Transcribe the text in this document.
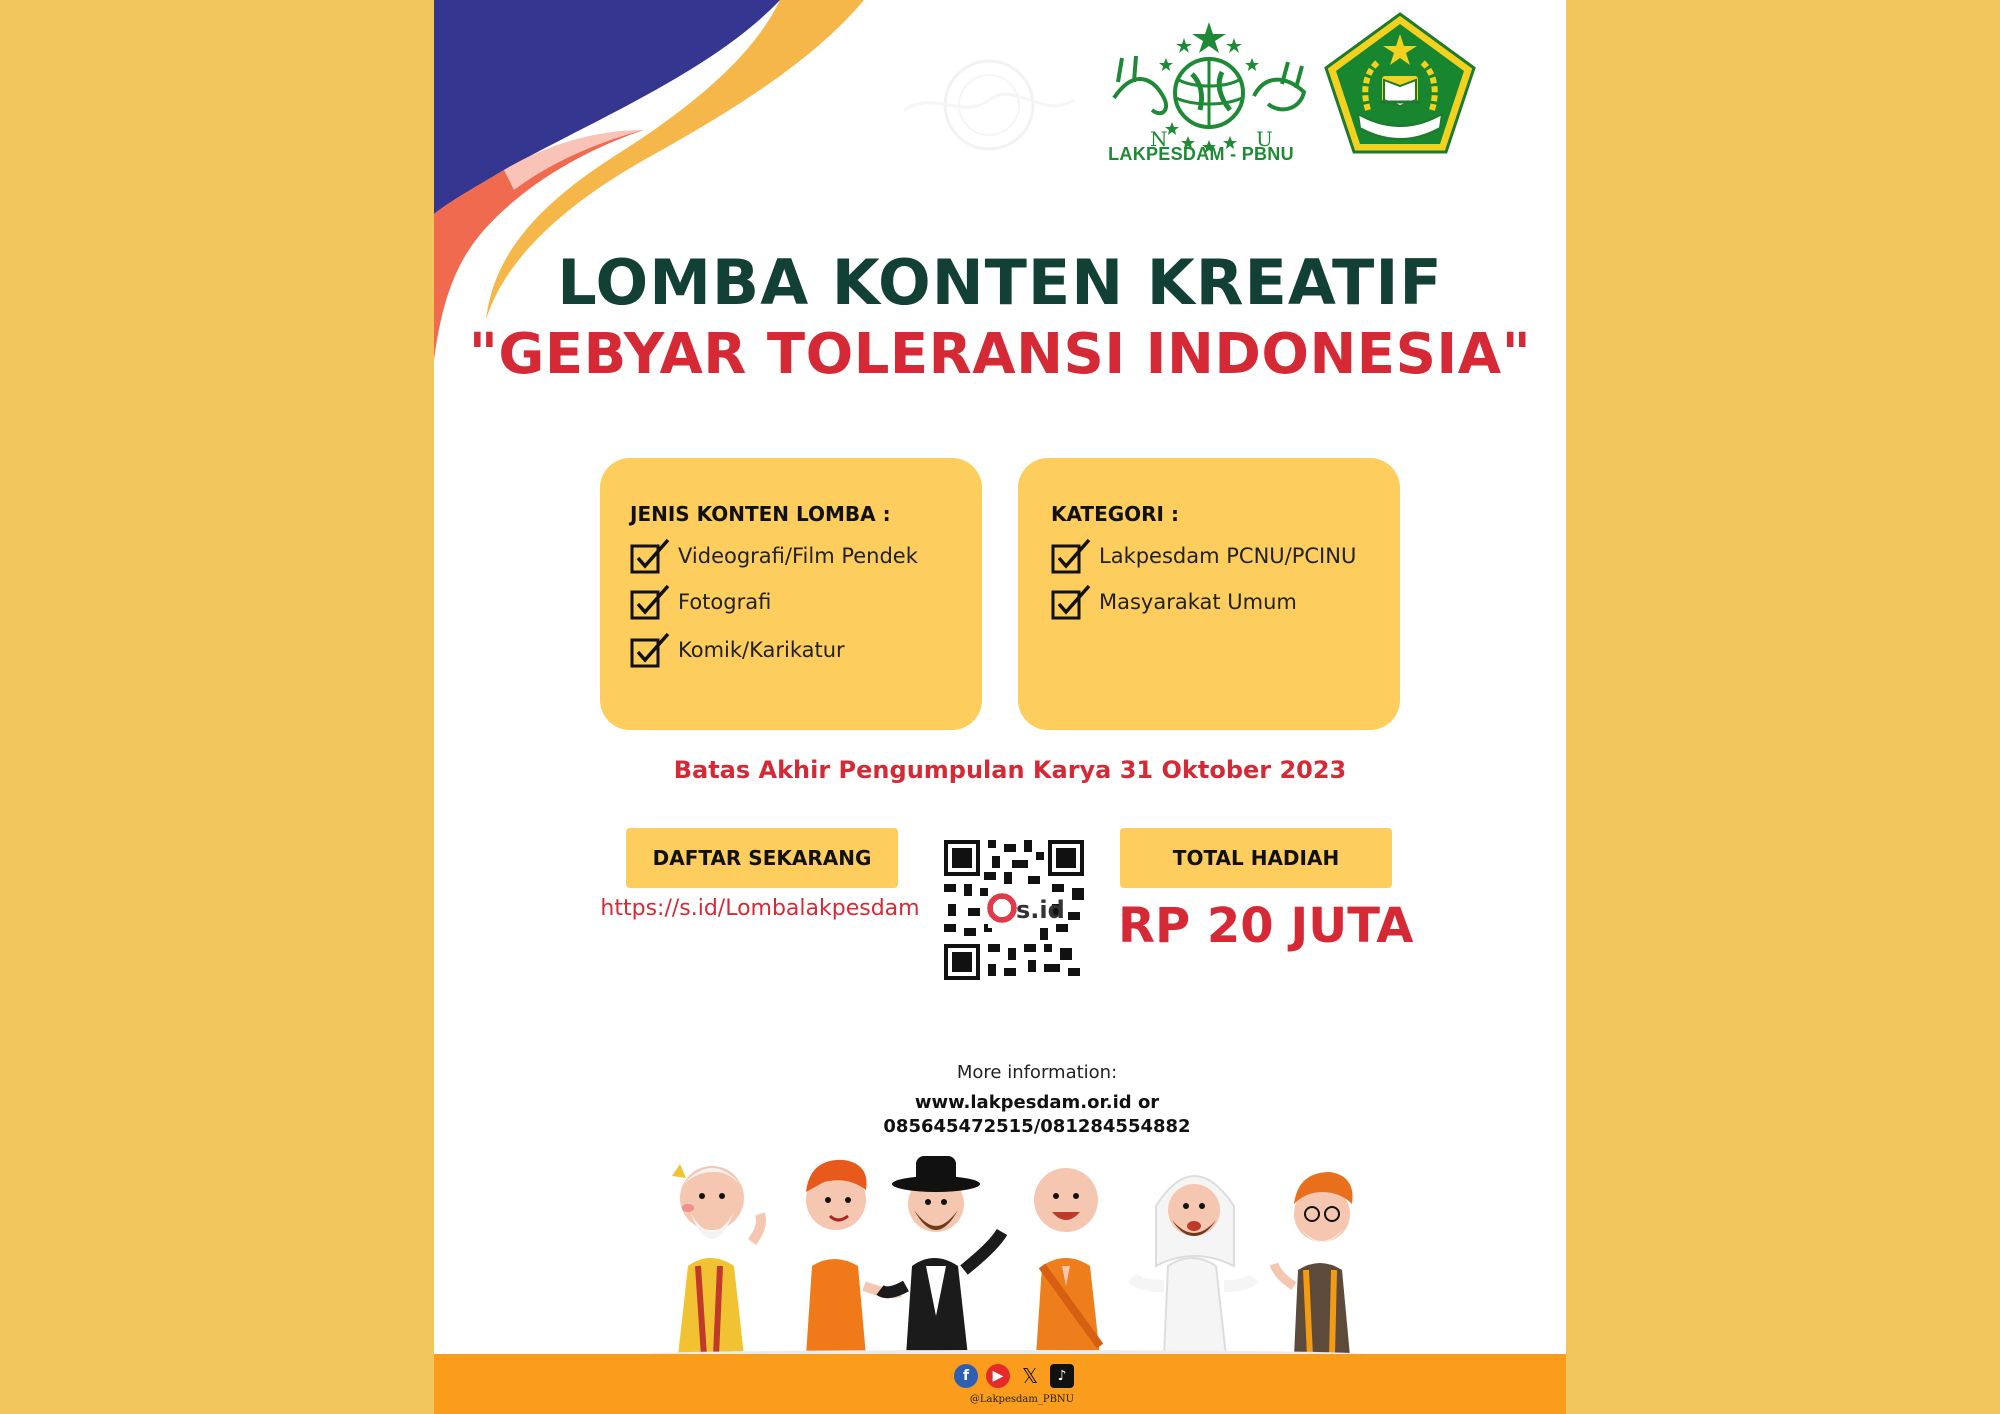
N	U
LAKPESDAM - PBNU
LOMBA KONTEN KREATIF
"GEBYAR TOLERANSI INDONESIA"
JENIS KONTEN LOMBA :
Videografi/Film Pendek
Fotografi
Komik/Karikatur
KATEGORI :
Lakpesdam PCNU/PCINU
Masyarakat Umum
Batas Akhir Pengumpulan Karya 31 Oktober 2023
DAFTAR SEKARANG
https://s.id/Lombalakpesdam	s.id
TOTAL HADIAH
RP 20 JUTA
More information:
www.lakpesdam.or.id or
085645472515/081284554882
f	▶ 𝕏	♪
@Lakpesdam_PBNU
